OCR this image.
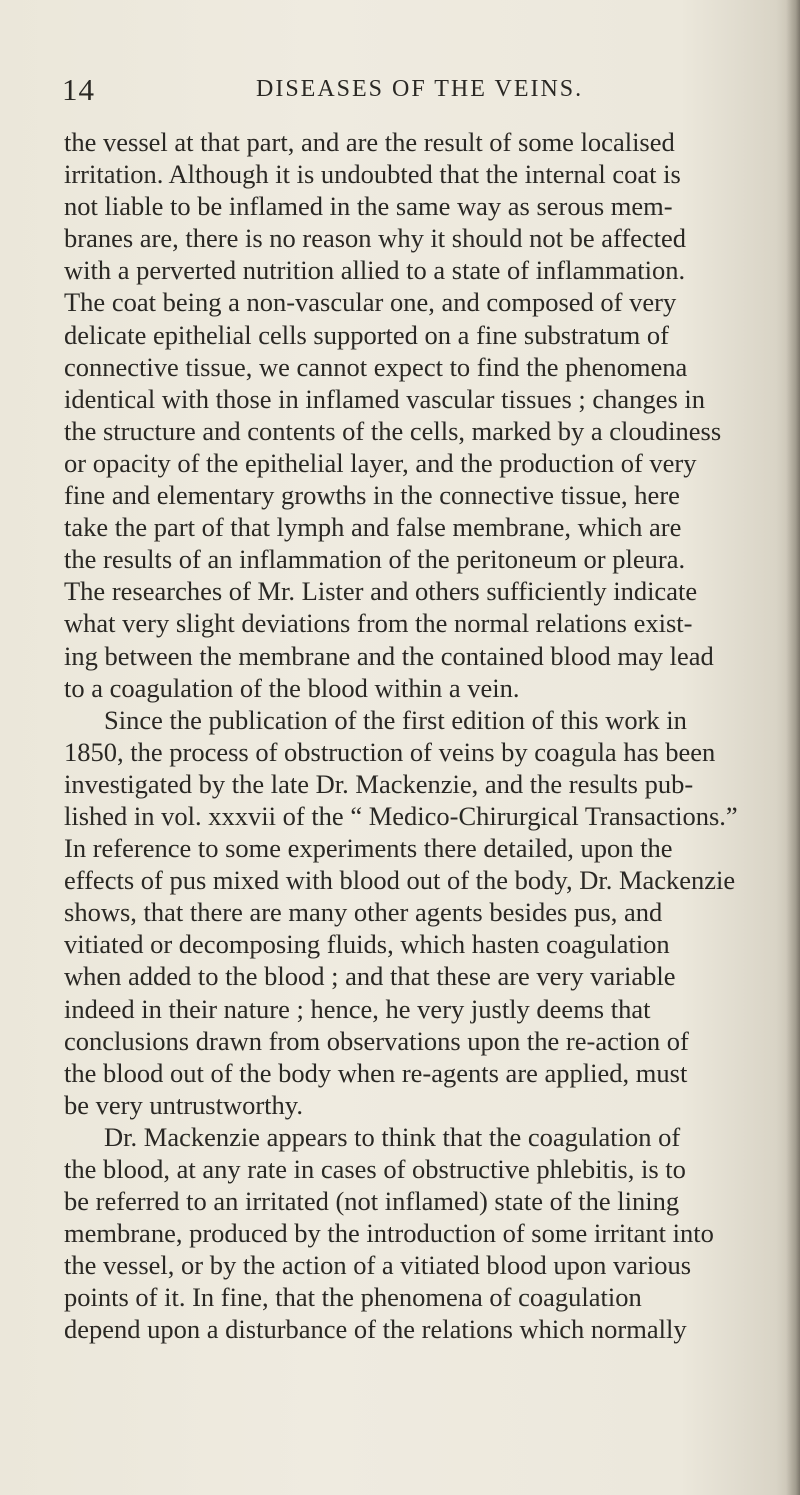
14	DISEASES OF THE VEINS.
the vessel at that part, and are the result of some localised
irritation. Although it is undoubted that the internal coat is
not liable to be inflamed in the same way as serous mem-
branes are, there is no reason why it should not be affected
with a perverted nutrition allied to a state of inflammation.
The coat being a non-vascular one, and composed of very
delicate epithelial cells supported on a fine substratum of
connective tissue, we cannot expect to find the phenomena
identical with those in inflamed vascular tissues ; changes in
the structure and contents of the cells, marked by a cloudiness
or opacity of the epithelial layer, and the production of very
fine and elementary growths in the connective tissue, here
take the part of that lymph and false membrane, which are
the results of an inflammation of the peritoneum or pleura.
The researches of Mr. Lister and others sufficiently indicate
what very slight deviations from the normal relations exist-
ing between the membrane and the contained blood may lead
to a coagulation of the blood within a vein.
Since the publication of the first edition of this work in
1850, the process of obstruction of veins by coagula has been
investigated by the late Dr. Mackenzie, and the results pub-
lished in vol. xxxvii of the “ Medico-Chirurgical Transactions.”
In reference to some experiments there detailed, upon the
effects of pus mixed with blood out of the body, Dr. Mackenzie
shows, that there are many other agents besides pus, and
vitiated or decomposing fluids, which hasten coagulation
when added to the blood ; and that these are very variable
indeed in their nature ; hence, he very justly deems that
conclusions drawn from observations upon the re-action of
the blood out of the body when re-agents are applied, must
be very untrustworthy.
Dr. Mackenzie appears to think that the coagulation of
the blood, at any rate in cases of obstructive phlebitis, is to
be referred to an irritated (not inflamed) state of the lining
membrane, produced by the introduction of some irritant into
the vessel, or by the action of a vitiated blood upon various
points of it. In fine, that the phenomena of coagulation
depend upon a disturbance of the relations which normally
